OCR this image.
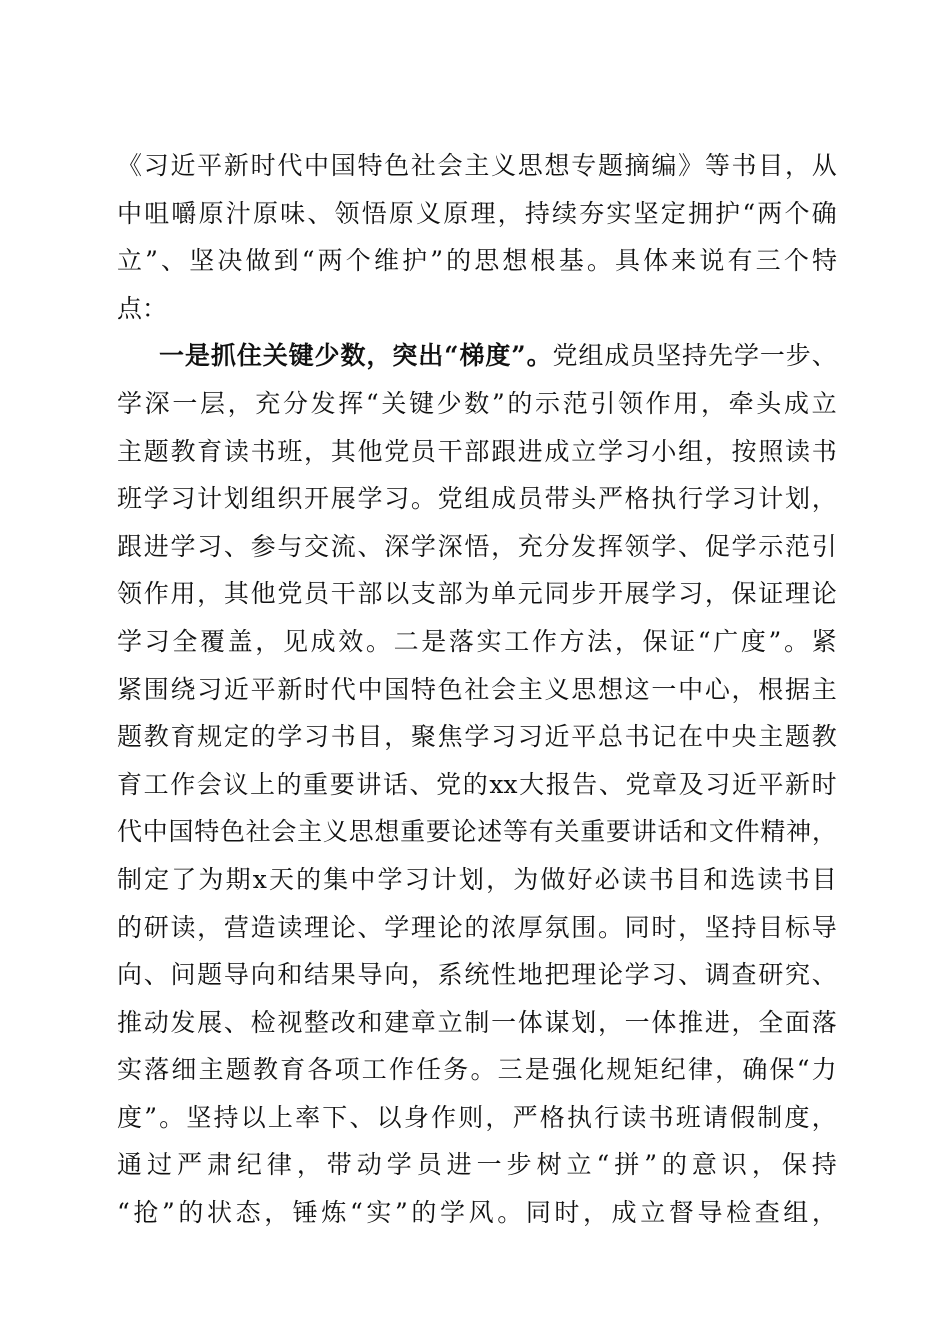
《 习 近 平 新 时 代 中 国 特 色 社 会 主 义 思 想 专 题 摘 编 》 等 书 目 ， 从
中 咀 嚼 原 汁 原 味 、 领 悟 原 义 原 理 ， 持 续 夯 实 坚 定 拥 护 “ 两 个 确
立 ” 、 坚 决 做 到 “ 两 个 维 护 ” 的 思 想 根 基 。 具 体 来 说 有 三 个 特
点 ：
一 是 抓 住 关 键 少 数 ， 突 出 “ 梯 度 ” 。 党 组 成 员 坚 持 先 学 一 步 、
学 深 一 层 ， 充 分 发 挥 “ 关 键 少 数 ” 的 示 范 引 领 作 用 ， 牵 头 成 立
主 题 教 育 读 书 班 ， 其 他 党 员 干 部 跟 进 成 立 学 习 小 组 ， 按 照 读 书
班 学 习 计 划 组 织 开 展 学 习 。 党 组 成 员 带 头 严 格 执 行 学 习 计 划 ，
跟 进 学 习 、 参 与 交 流 、 深 学 深 悟 ， 充 分 发 挥 领 学 、 促 学 示 范 引
领 作 用 ， 其 他 党 员 干 部 以 支 部 为 单 元 同 步 开 展 学 习 ， 保 证 理 论
学 习 全 覆 盖 ， 见 成 效 。 二 是 落 实 工 作 方 法 ， 保 证 “ 广 度 ” 。 紧
紧 围 绕 习 近 平 新 时 代 中 国 特 色 社 会 主 义 思 想 这 一 中 心 ， 根 据 主
题 教 育 规 定 的 学 习 书 目 ， 聚 焦 学 习 习 近 平 总 书 记 在 中 央 主 题 教
育 工 作 会 议 上 的 重 要 讲 话 、 党 的 xx 大 报 告 、 党 章 及 习 近 平 新 时
代 中 国 特 色 社 会 主 义 思 想 重 要 论 述 等 有 关 重 要 讲 话 和 文 件 精 神 ，
制 定 了 为 期 x 天 的 集 中 学 习 计 划 ， 为 做 好 必 读 书 目 和 选 读 书 目
的 研 读 ， 营 造 读 理 论 、 学 理 论 的 浓 厚 氛 围 。 同 时 ， 坚 持 目 标 导
向 、 问 题 导 向 和 结 果 导 向 ， 系 统 性 地 把 理 论 学 习 、 调 查 研 究 、
推 动 发 展 、 检 视 整 改 和 建 章 立 制 一 体 谋 划 ， 一 体 推 进 ， 全 面 落
实 落 细 主 题 教 育 各 项 工 作 任 务 。 三 是 强 化 规 矩 纪 律 ， 确 保 “ 力
度 ” 。 坚 持 以 上 率 下 、 以 身 作 则 ， 严 格 执 行 读 书 班 请 假 制 度 ，
通 过 严 肃 纪 律 ， 带 动 学 员 进 一 步 树 立 “ 拼 ” 的 意 识 ， 保 持
“ 抢 ” 的 状 态 ， 锤 炼 “ 实 ” 的 学 风 。 同 时 ， 成 立 督 导 检 查 组 ，
